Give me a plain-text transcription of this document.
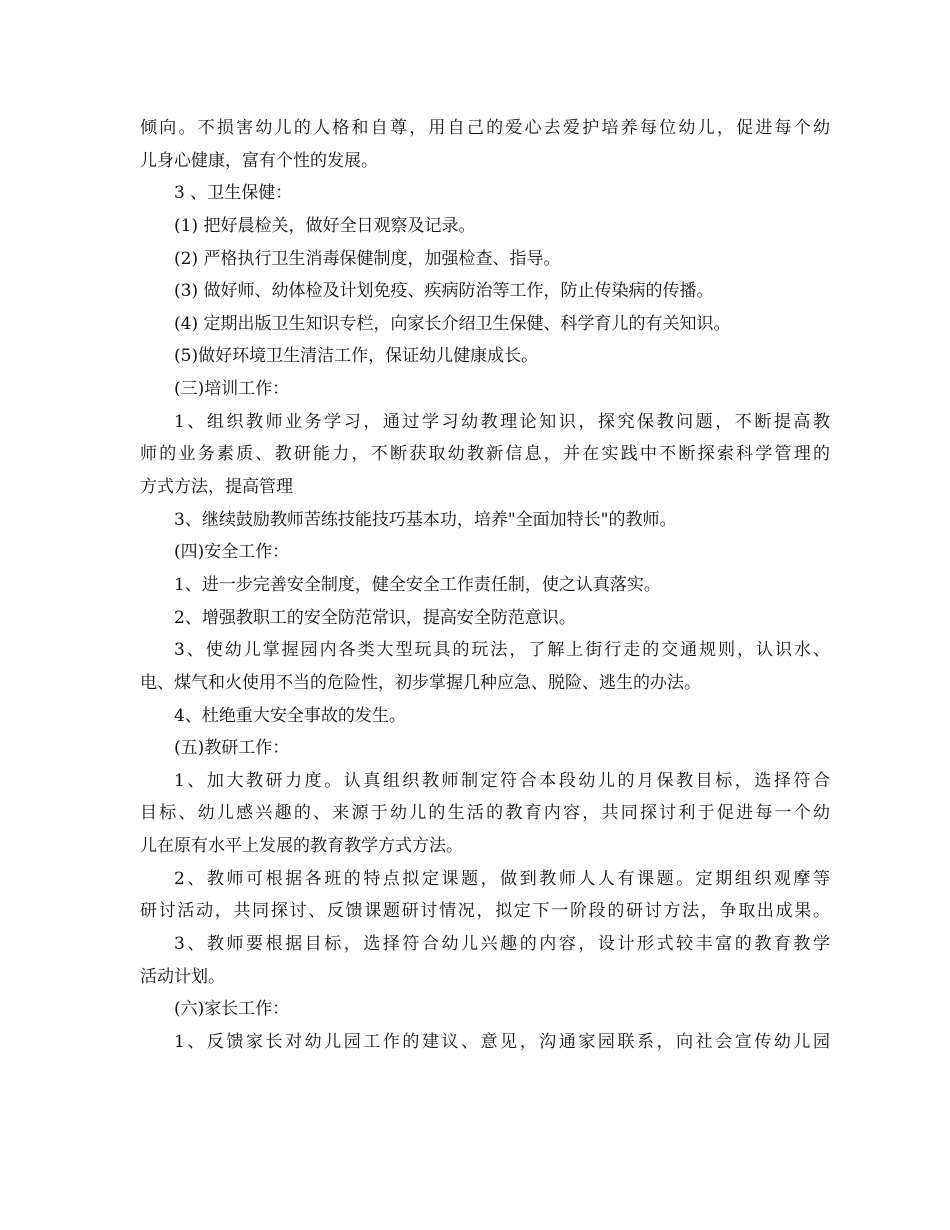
倾向。不损害幼儿的人格和自尊，用自己的爱心去爱护培养每位幼儿，促进每个幼
儿身心健康，富有个性的发展。
3 、卫生保健：
(1) 把好晨检关，做好全日观察及记录。
(2) 严格执行卫生消毒保健制度，加强检查、指导。
(3) 做好师、幼体检及计划免疫、疾病防治等工作，防止传染病的传播。
(4) 定期出版卫生知识专栏，向家长介绍卫生保健、科学育儿的有关知识。
(5)做好环境卫生清洁工作，保证幼儿健康成长。
(三)培训工作：
1、组织教师业务学习，通过学习幼教理论知识，探究保教问题，不断提高教
师的业务素质、教研能力，不断获取幼教新信息，并在实践中不断探索科学管理的
方式方法，提高管理
3、继续鼓励教师苦练技能技巧基本功，培养"全面加特长"的教师。
(四)安全工作：
1、进一步完善安全制度，健全安全工作责任制，使之认真落实。
2、增强教职工的安全防范常识，提高安全防范意识。
3、使幼儿掌握园内各类大型玩具的玩法，了解上街行走的交通规则，认识水、
电、煤气和火使用不当的危险性，初步掌握几种应急、脱险、逃生的办法。
4、杜绝重大安全事故的发生。
(五)教研工作：
1、加大教研力度。认真组织教师制定符合本段幼儿的月保教目标，选择符合
目标、幼儿感兴趣的、来源于幼儿的生活的教育内容，共同探讨利于促进每一个幼
儿在原有水平上发展的教育教学方式方法。
2、教师可根据各班的特点拟定课题，做到教师人人有课题。定期组织观摩等
研讨活动，共同探讨、反馈课题研讨情况，拟定下一阶段的研讨方法，争取出成果。
3、教师要根据目标，选择符合幼儿兴趣的内容，设计形式较丰富的教育教学
活动计划。
(六)家长工作：
1、反馈家长对幼儿园工作的建议、意见，沟通家园联系，向社会宣传幼儿园
